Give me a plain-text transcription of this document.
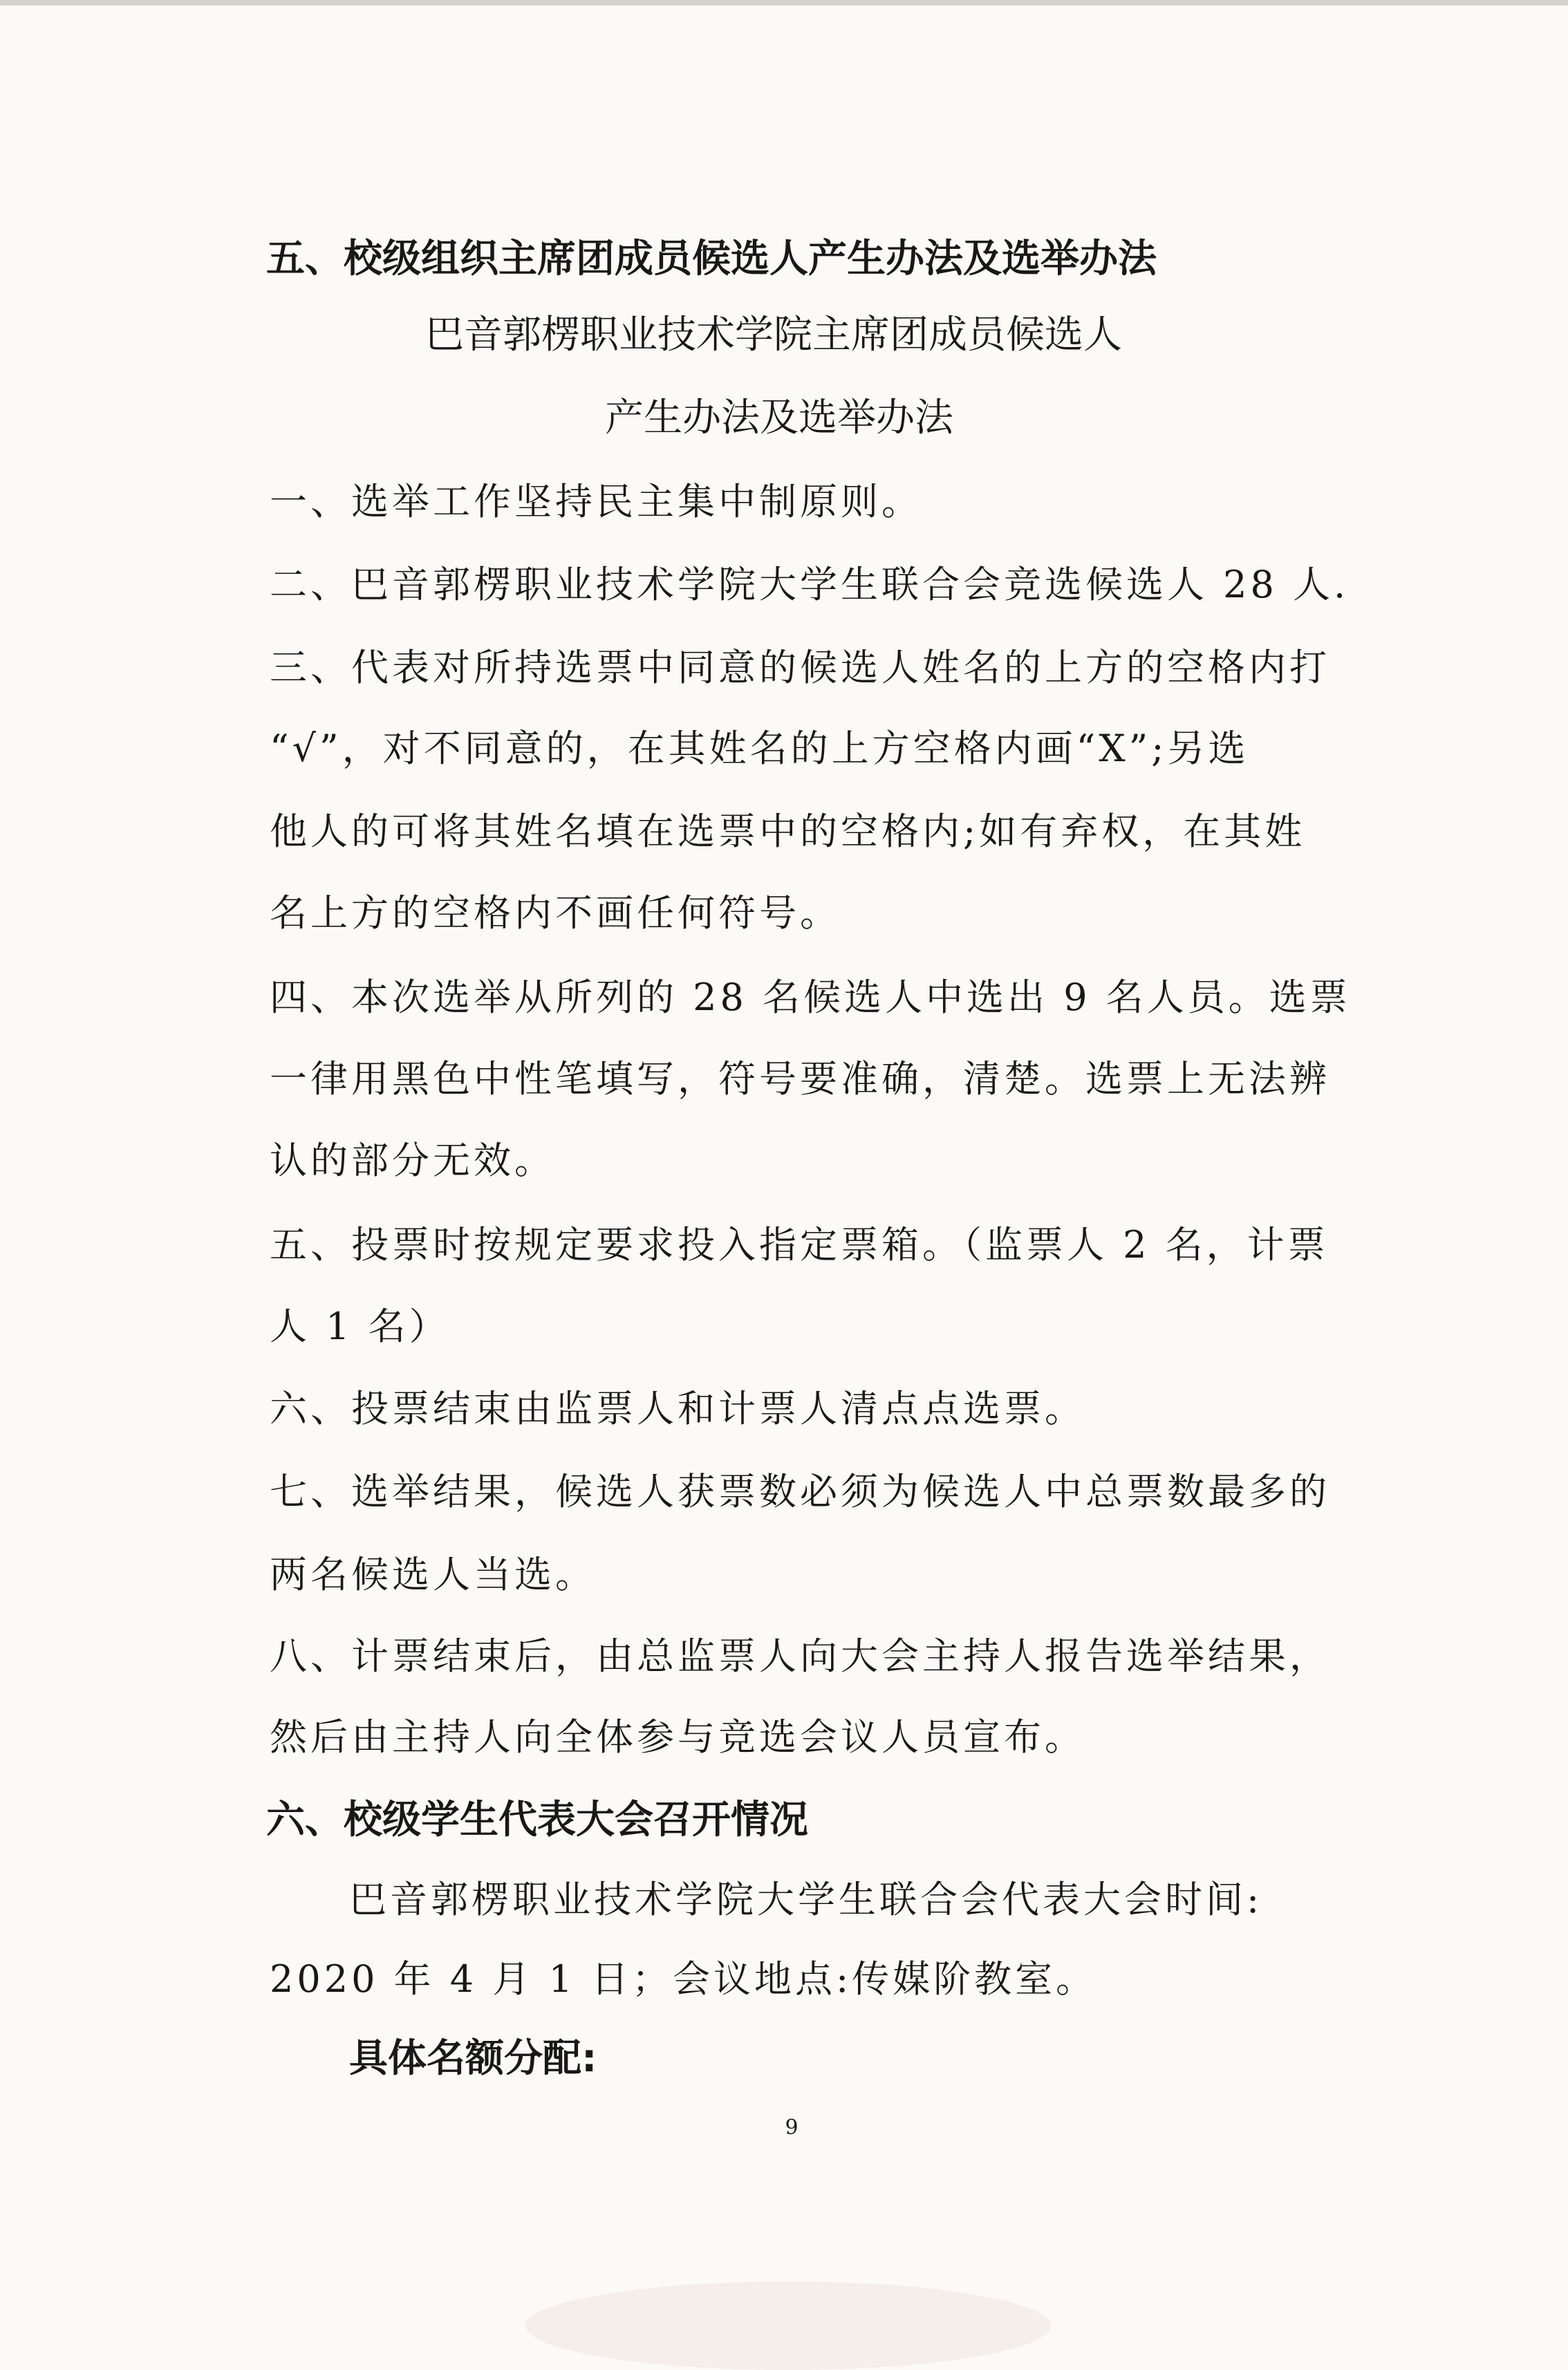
五、校级组织主席团成员候选人产生办法及选举办法
巴音郭楞职业技术学院主席团成员候选人
产生办法及选举办法
一、选举工作坚持民主集中制原则。
二、巴音郭楞职业技术学院大学生联合会竞选候选人 28 人.
三、代表对所持选票中同意的候选人姓名的上方的空格内打
“√”，对不同意的，在其姓名的上方空格内画“X”;另选
他人的可将其姓名填在选票中的空格内;如有弃权，在其姓
名上方的空格内不画任何符号。
四、本次选举从所列的 28 名候选人中选出 9 名人员。选票
一律用黑色中性笔填写，符号要准确，清楚。选票上无法辨
认的部分无效。
五、投票时按规定要求投入指定票箱。（监票人 2 名，计票
人 1 名）
六、投票结束由监票人和计票人清点点选票。
七、选举结果，候选人获票数必须为候选人中总票数最多的
两名候选人当选。
八、计票结束后，由总监票人向大会主持人报告选举结果，
然后由主持人向全体参与竞选会议人员宣布。
六、校级学生代表大会召开情况
巴音郭楞职业技术学院大学生联合会代表大会时间:
2020 年 4 月 1 日；会议地点:传媒阶教室。
具体名额分配:
9
